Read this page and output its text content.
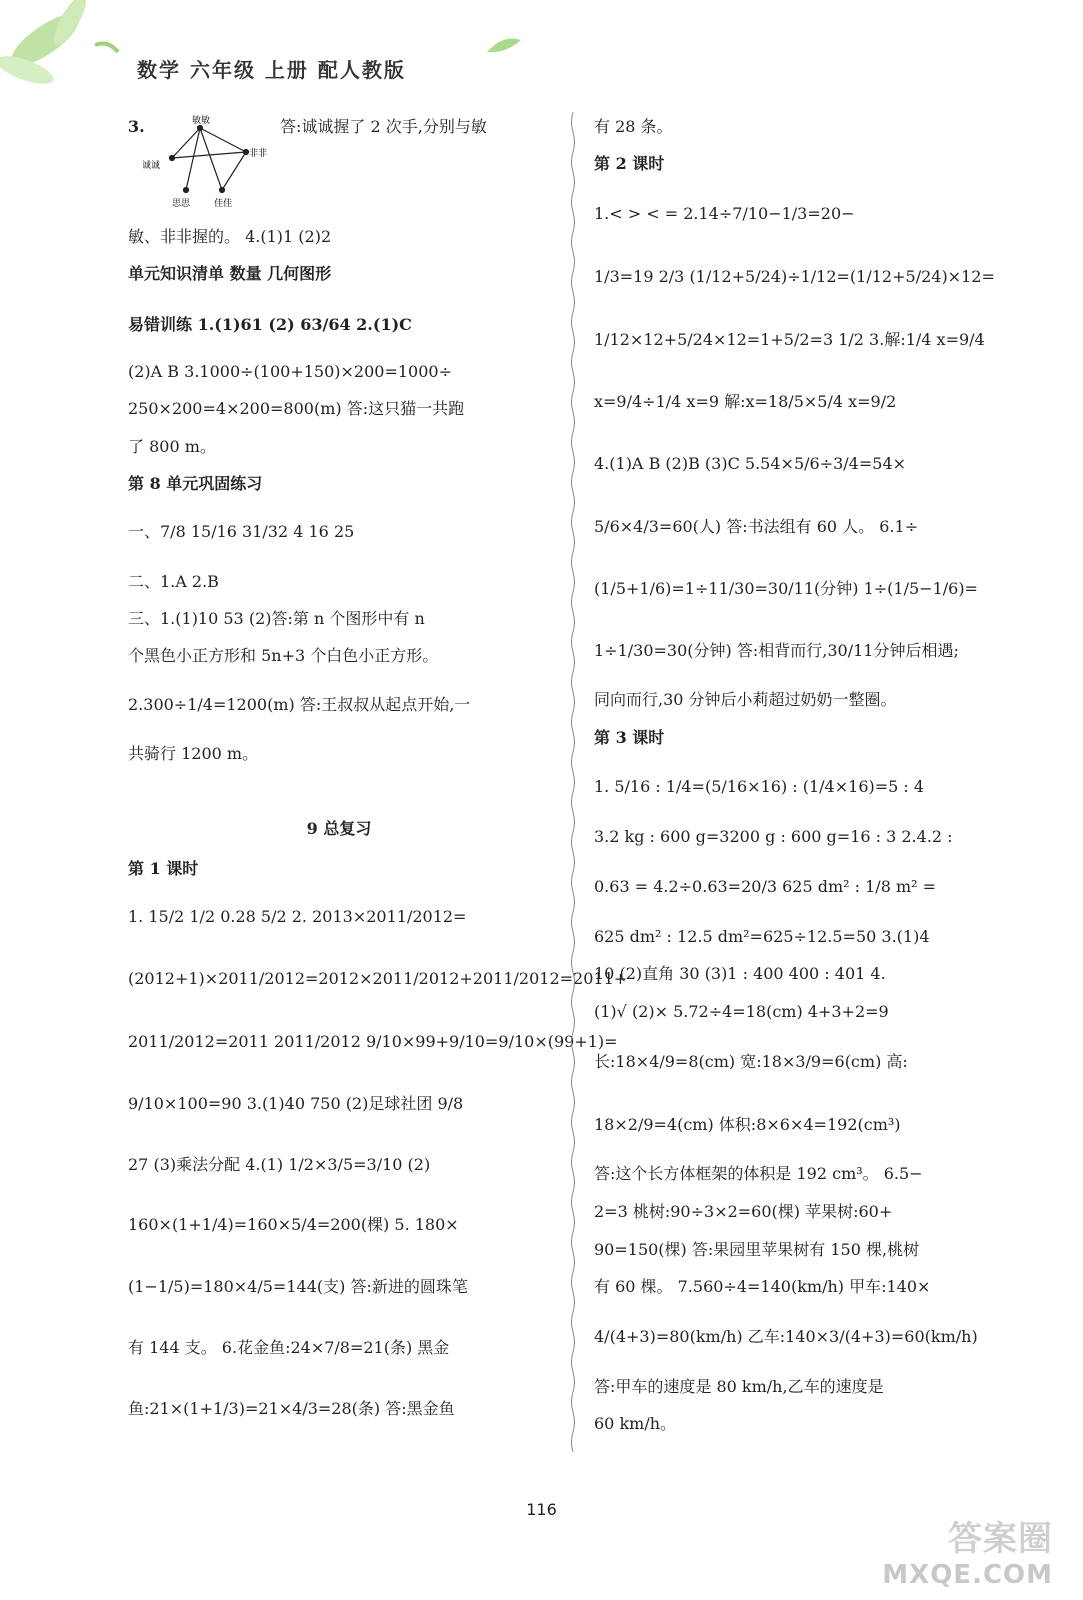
数学 六年级 上册 配人教版
敏敏
非非
诚诚
思思	佳佳
3.	答:诚诚握了 2 次手,分别与敏
敏、非非握的。 4.(1)1 (2)2
单元知识清单 数量 几何图形
易错训练 1.(1)61 (2) 63/64 2.(1)C
(2)A B 3.1000÷(100+150)×200=1000÷
250×200=4×200=800(m) 答:这只猫一共跑
了 800 m。
第 8 单元巩固练习
一、7/8 15/16 31/32 4 16 25
二、1.A 2.B
三、1.(1)10 53 (2)答:第 n 个图形中有 n
个黑色小正方形和 5n+3 个白色小正方形。
2.300÷1/4=1200(m) 答:王叔叔从起点开始,一
共骑行 1200 m。
9 总复习
第 1 课时
1. 15/2 1/2 0.28 5/2 2. 2013×2011/2012=
(2012+1)×2011/2012=2012×2011/2012+2011/2012=2011+
2011/2012=2011 2011/2012 9/10×99+9/10=9/10×(99+1)=
9/10×100=90 3.(1)40 750 (2)足球社团 9/8
27 (3)乘法分配 4.(1) 1/2×3/5=3/10 (2)
160×(1+1/4)=160×5/4=200(棵) 5. 180×
(1−1/5)=180×4/5=144(支) 答:新进的圆珠笔
有 144 支。 6.花金鱼:24×7/8=21(条) 黑金
鱼:21×(1+1/3)=21×4/3=28(条) 答:黑金鱼
有 28 条。
第 2 课时
1.< > < = 2.14÷7/10−1/3=20−
1/3=19 2/3 (1/12+5/24)÷1/12=(1/12+5/24)×12=
1/12×12+5/24×12=1+5/2=3 1/2 3.解:1/4 x=9/4
x=9/4÷1/4 x=9 解:x=18/5×5/4 x=9/2
4.(1)A B (2)B (3)C 5.54×5/6÷3/4=54×
5/6×4/3=60(人) 答:书法组有 60 人。 6.1÷
(1/5+1/6)=1÷11/30=30/11(分钟) 1÷(1/5−1/6)=
1÷1/30=30(分钟) 答:相背而行,30/11分钟后相遇;
同向而行,30 分钟后小莉超过奶奶一整圈。
第 3 课时
1. 5/16 : 1/4=(5/16×16) : (1/4×16)=5 : 4
3.2 kg : 600 g=3200 g : 600 g=16 : 3 2.4.2 :
0.63 = 4.2÷0.63=20/3 625 dm² : 1/8 m² =
625 dm² : 12.5 dm²=625÷12.5=50 3.(1)4
10 (2)直角 30 (3)1 : 400 400 : 401 4.
(1)√ (2)× 5.72÷4=18(cm) 4+3+2=9
长:18×4/9=8(cm) 宽:18×3/9=6(cm) 高:
18×2/9=4(cm) 体积:8×6×4=192(cm³)
答:这个长方体框架的体积是 192 cm³。 6.5−
2=3 桃树:90÷3×2=60(棵) 苹果树:60+
90=150(棵) 答:果园里苹果树有 150 棵,桃树
有 60 棵。 7.560÷4=140(km/h) 甲车:140×
4/(4+3)=80(km/h) 乙车:140×3/(4+3)=60(km/h)
答:甲车的速度是 80 km/h,乙车的速度是
60 km/h。
116
答案圈
MXQE.COM
